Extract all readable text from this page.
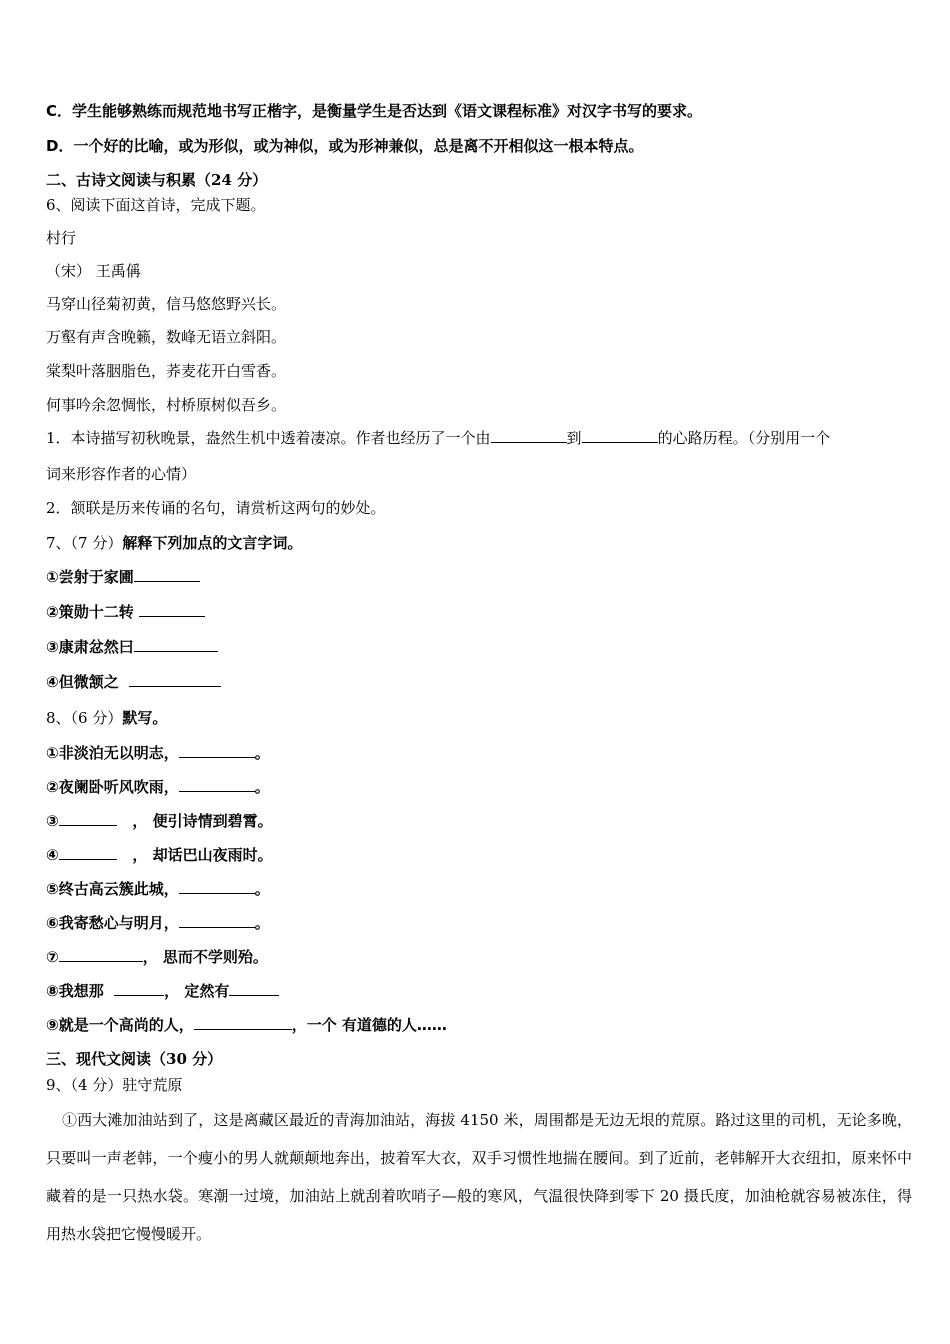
C．学生能够熟练而规范地书写正楷字，是衡量学生是否达到《语文课程标准》对汉字书写的要求。
D．一个好的比喻，或为形似，或为神似，或为形神兼似，总是离不开相似这一根本特点。
二、古诗文阅读与积累（24 分）
6、阅读下面这首诗，完成下题。
村行
（宋） 王禹偁
马穿山径菊初黄，信马悠悠野兴长。
万壑有声含晚籁，数峰无语立斜阳。
棠梨叶落胭脂色，荞麦花开白雪香。
何事吟余忽惆怅，村桥原树似吾乡。
1．本诗描写初秋晚景，盎然生机中透着凄凉。作者也经历了一个由	到	的心路历程。（分别用一个
词来形容作者的心情）
2．颔联是历来传诵的名句，请赏析这两句的妙处。
7、（7 分）解释下列加点的文言字词。
①尝射于家圃
②策勋十二转
③康肃忿然曰
④但微颔之
8、（6 分）默写。
①非淡泊无以明志，	。
②夜阑卧听风吹雨，	。
③	， 便引诗情到碧霄。
④	， 却话巴山夜雨时。
⑤终古高云簇此城，	。
⑥我寄愁心与明月，	。
⑦	， 思而不学则殆。
⑧我想那	， 定然有
⑨就是一个高尚的人，	，一个 有道德的人……
三、现代文阅读（30 分）
9、（4 分）驻守荒原

①西大滩加油站到了，这是离藏区最近的青海加油站，海拔 4150 米，周围都是无边无垠的荒原。路过这里的司机，无论多晚，只要叫一声老韩，一个瘦小的男人就颠颠地奔出，披着军大衣，双手习惯性地揣在腰间。到了近前，老韩解开大衣纽扣，原来怀中藏着的是一只热水袋。寒潮一过境，加油站上就刮着吹哨子—般的寒风，气温很快降到零下 20 摄氏度，加油枪就容易被冻住，得用热水袋把它慢慢暖开。
